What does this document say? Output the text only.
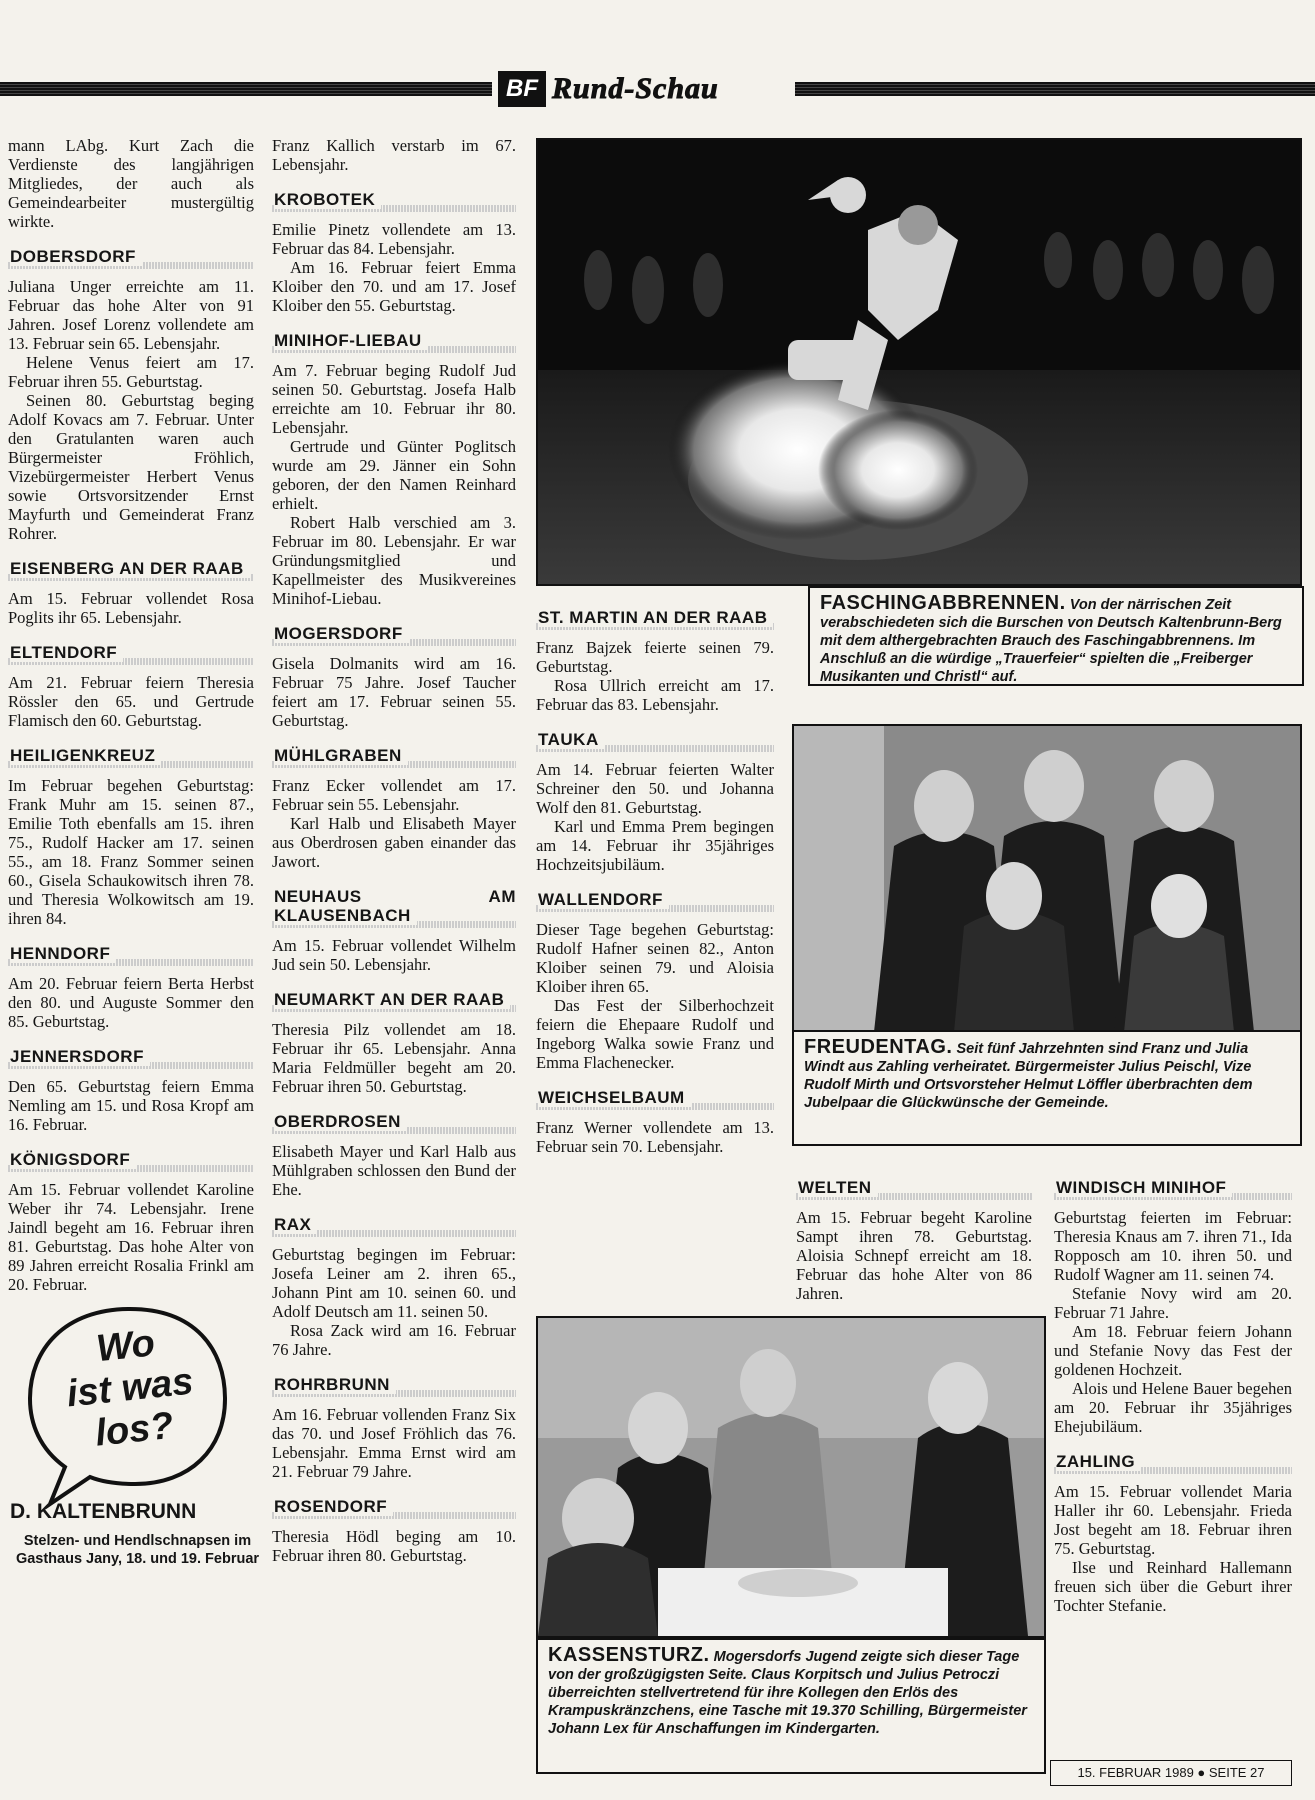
BF Rund-Schau

mann LAbg. Kurt Zach die Verdienste des langjährigen Mitgliedes, der auch als Gemeindearbeiter mustergültig wirkte.

DOBERSDORF

Juliana Unger erreichte am 11. Februar das hohe Alter von 91 Jahren. Josef Lorenz vollendete am 13. Februar sein 65. Lebensjahr.

Helene Venus feiert am 17. Februar ihren 55. Geburtstag.

Seinen 80. Geburtstag beging Adolf Kovacs am 7. Februar. Unter den Gratulanten waren auch Bürgermeister Fröhlich, Vizebürgermeister Herbert Venus sowie Ortsvorsitzender Ernst Mayfurth und Gemeinderat Franz Rohrer.

EISENBERG AN DER RAAB

Am 15. Februar vollendet Rosa Poglits ihr 65. Lebensjahr.

ELTENDORF

Am 21. Februar feiern Theresia Rössler den 65. und Gertrude Flamisch den 60. Geburtstag.

HEILIGENKREUZ

Im Februar begehen Geburtstag: Frank Muhr am 15. seinen 87., Emilie Toth ebenfalls am 15. ihren 75., Rudolf Hacker am 17. seinen 55., am 18. Franz Sommer seinen 60., Gisela Schaukowitsch ihren 78. und Theresia Wolkowitsch am 19. ihren 84.

HENNDORF

Am 20. Februar feiern Berta Herbst den 80. und Auguste Sommer den 85. Geburtstag.

JENNERSDORF

Den 65. Geburtstag feiern Emma Nemling am 15. und Rosa Kropf am 16. Februar.

KÖNIGSDORF

Am 15. Februar vollendet Karoline Weber ihr 74. Lebensjahr. Irene Jaindl begeht am 16. Februar ihren 81. Geburtstag. Das hohe Alter von 89 Jahren erreicht Rosalia Frinkl am 20. Februar.

Franz Kallich verstarb im 67. Lebensjahr.

KROBOTEK

Emilie Pinetz vollendete am 13. Februar das 84. Lebensjahr.

Am 16. Februar feiert Emma Kloiber den 70. und am 17. Josef Kloiber den 55. Geburtstag.

MINIHOF-LIEBAU

Am 7. Februar beging Rudolf Jud seinen 50. Geburtstag. Josefa Halb erreichte am 10. Februar ihr 80. Lebensjahr.

Gertrude und Günter Poglitsch wurde am 29. Jänner ein Sohn geboren, der den Namen Reinhard erhielt.

Robert Halb verschied am 3. Februar im 80. Lebensjahr. Er war Gründungsmitglied und Kapellmeister des Musikvereines Minihof-Liebau.

MOGERSDORF

Gisela Dolmanits wird am 16. Februar 75 Jahre. Josef Taucher feiert am 17. Februar seinen 55. Geburtstag.

MÜHLGRABEN

Franz Ecker vollendet am 17. Februar sein 55. Lebensjahr.

Karl Halb und Elisabeth Mayer aus Oberdrosen gaben einander das Jawort.

NEUHAUS AM KLAUSENBACH

Am 15. Februar vollendet Wilhelm Jud sein 50. Lebensjahr.

NEUMARKT AN DER RAAB

Theresia Pilz vollendet am 18. Februar ihr 65. Lebensjahr. Anna Maria Feldmüller begeht am 20. Februar ihren 50. Geburtstag.

OBERDROSEN

Elisabeth Mayer und Karl Halb aus Mühlgraben schlossen den Bund der Ehe.

RAX

Geburtstag begingen im Februar: Josefa Leiner am 2. ihren 65., Johann Pint am 10. seinen 60. und Adolf Deutsch am 11. seinen 50.

Rosa Zack wird am 16. Februar 76 Jahre.

ROHRBRUNN

Am 16. Februar vollenden Franz Six das 70. und Josef Fröhlich das 76. Lebensjahr. Emma Ernst wird am 21. Februar 79 Jahre.

ROSENDORF

Theresia Hödl beging am 10. Februar ihren 80. Geburtstag.

ST. MARTIN AN DER RAAB

Franz Bajzek feierte seinen 79. Geburtstag.

Rosa Ullrich erreicht am 17. Februar das 83. Lebensjahr.

TAUKA

Am 14. Februar feierten Walter Schreiner den 50. und Johanna Wolf den 81. Geburtstag.

Karl und Emma Prem begingen am 14. Februar ihr 35jähriges Hochzeitsjubiläum.

WALLENDORF

Dieser Tage begehen Geburtstag: Rudolf Hafner seinen 82., Anton Kloiber seinen 79. und Aloisia Kloiber ihren 65.

Das Fest der Silberhochzeit feiern die Ehepaare Rudolf und Ingeborg Walka sowie Franz und Emma Flachenecker.

WEICHSELBAUM

Franz Werner vollendete am 13. Februar sein 70. Lebensjahr.

WELTEN

Am 15. Februar begeht Karoline Sampt ihren 78. Geburtstag. Aloisia Schnepf erreicht am 18. Februar das hohe Alter von 86 Jahren.

WINDISCH MINIHOF

Geburtstag feierten im Februar: Theresia Knaus am 7. ihren 71., Ida Ropposch am 10. ihren 50. und Rudolf Wagner am 11. seinen 74.

Stefanie Novy wird am 20. Februar 71 Jahre.

Am 18. Februar feiern Johann und Stefanie Novy das Fest der goldenen Hochzeit.

Alois und Helene Bauer begehen am 20. Februar ihr 35jähriges Ehejubiläum.

ZAHLING

Am 15. Februar vollendet Maria Haller ihr 60. Lebensjahr. Frieda Jost begeht am 18. Februar ihren 75. Geburtstag.

Ilse und Reinhard Hallemann freuen sich über die Geburt ihrer Tochter Stefanie.

FASCHINGABBRENNEN. Von der närrischen Zeit verabschiedeten sich die Burschen von Deutsch Kaltenbrunn-Berg mit dem althergebrachten Brauch des Faschingabbrennens. Im Anschluß an die würdige „Trauerfeier“ spielten die „Freiberger Musikanten und Christl“ auf.
FREUDENTAG. Seit fünf Jahrzehnten sind Franz und Julia Windt aus Zahling verheiratet. Bürgermeister Julius Peischl, Vize Rudolf Mirth und Ortsvorsteher Helmut Löffler überbrachten dem Jubelpaar die Glückwünsche der Gemeinde.
KASSENSTURZ. Mogersdorfs Jugend zeigte sich dieser Tage von der großzügigsten Seite. Claus Korpitsch und Julius Petroczi überreichten stellvertretend für ihre Kollegen den Erlös des Krampuskränzchens, eine Tasche mit 19.370 Schilling, Bürgermeister Johann Lex für Anschaffungen im Kindergarten.
Wo
ist was
los?
D. KALTENBRUNN
Stelzen- und Hendlschnapsen im Gasthaus Jany, 18. und 19. Februar
15. FEBRUAR 1989 ● SEITE 27
